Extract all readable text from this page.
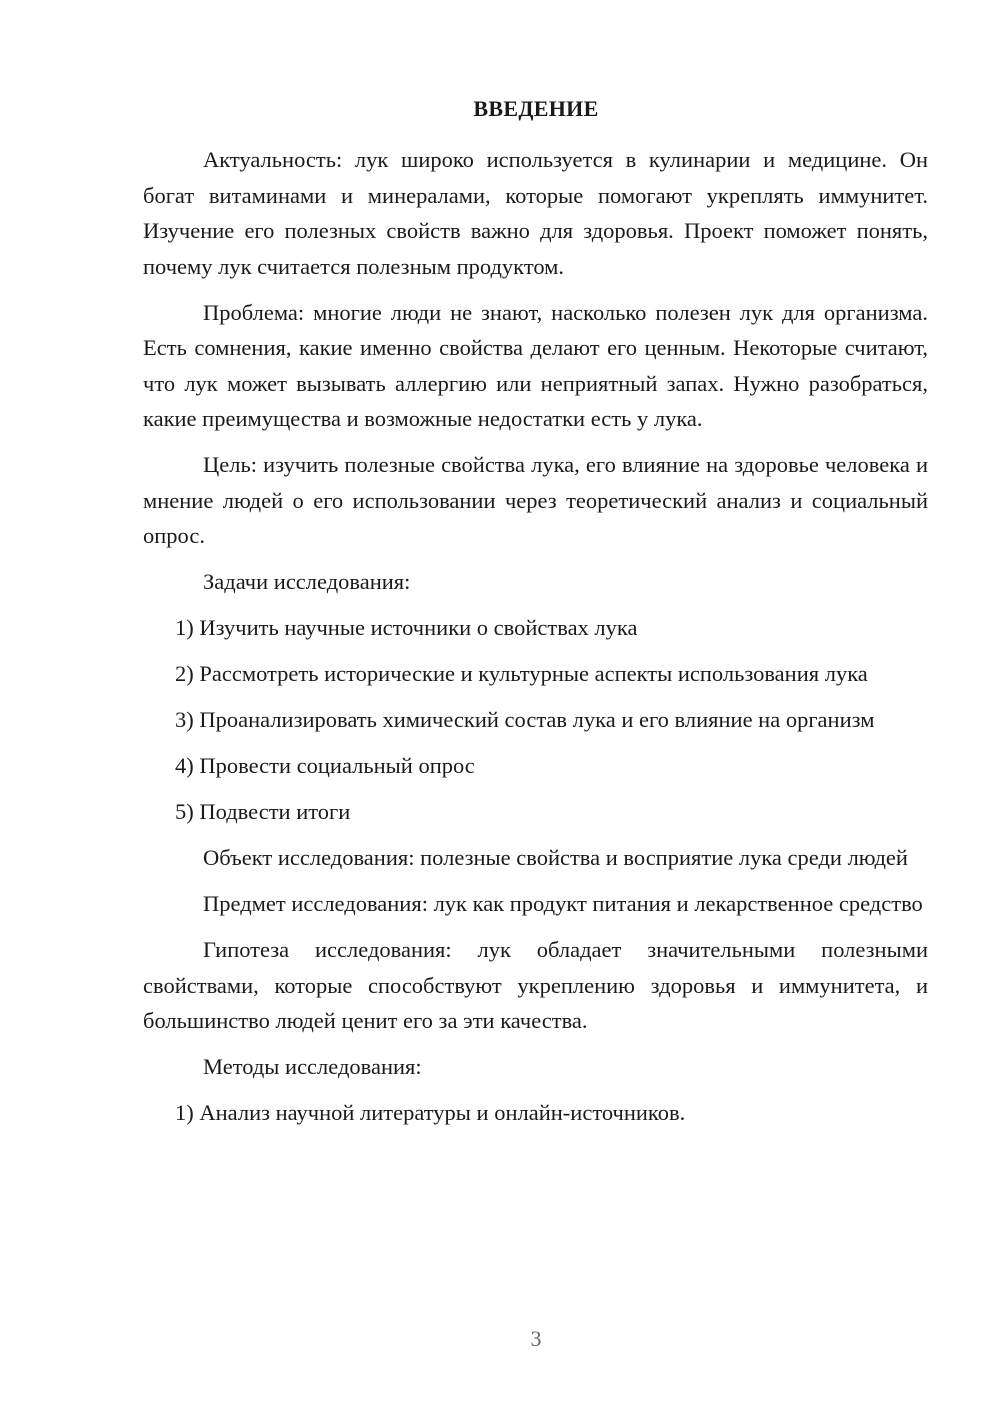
ВВЕДЕНИЕ

Актуальность: лук широко используется в кулинарии и медицине. Он богат витаминами и минералами, которые помогают укреплять иммунитет. Изучение его полезных свойств важно для здоровья. Проект поможет понять, почему лук считается полезным продуктом.

Проблема: многие люди не знают, насколько полезен лук для организма. Есть сомнения, какие именно свойства делают его ценным. Некоторые считают, что лук может вызывать аллергию или неприятный запах. Нужно разобраться, какие преимущества и возможные недостатки есть у лука.

Цель: изучить полезные свойства лука, его влияние на здоровье человека и мнение людей о его использовании через теоретический анализ и социальный опрос.

Задачи исследования:

1) Изучить научные источники о свойствах лука

2) Рассмотреть исторические и культурные аспекты использования лука

3) Проанализировать химический состав лука и его влияние на организм

4) Провести социальный опрос

5) Подвести итоги

Объект исследования: полезные свойства и восприятие лука среди людей

Предмет исследования: лук как продукт питания и лекарственное средство

Гипотеза исследования: лук обладает значительными полезными свойствами, которые способствуют укреплению здоровья и иммунитета, и большинство людей ценит его за эти качества.

Методы исследования:

1) Анализ научной литературы и онлайн-источников.

3
